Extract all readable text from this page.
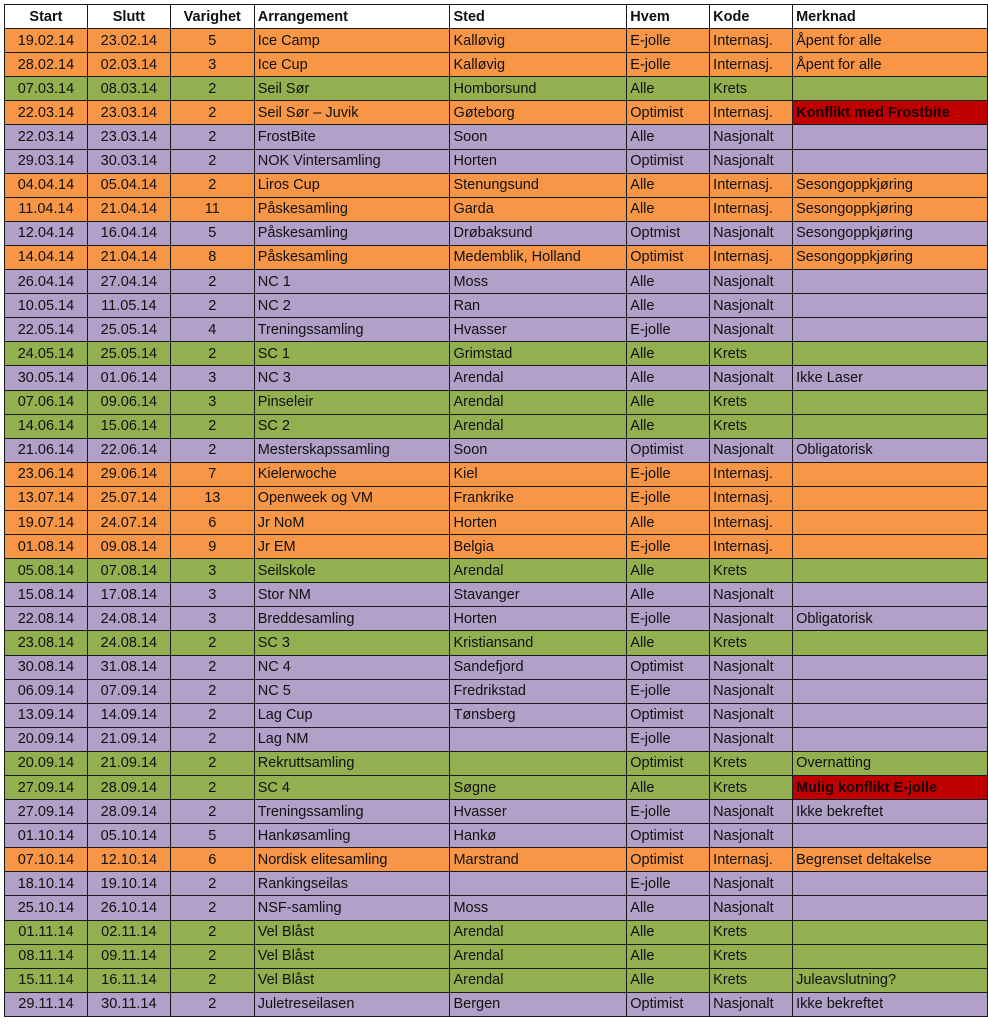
Start	Slutt	Varighet	Arrangement	Sted	Hvem	Kode	Merknad
19.02.14	23.02.14	5	Ice Camp	Kalløvig	E-jolle	Internasj.	Åpent for alle
28.02.14	02.03.14	3	Ice Cup	Kalløvig	E-jolle	Internasj.	Åpent for alle
07.03.14	08.03.14	2	Seil Sør	Homborsund	Alle	Krets	
22.03.14	23.03.14	2	Seil Sør – Juvik	Gøteborg	Optimist	Internasj.	Konflikt med Frostbite
22.03.14	23.03.14	2	FrostBite	Soon	Alle	Nasjonalt	
29.03.14	30.03.14	2	NOK Vintersamling	Horten	Optimist	Nasjonalt	
04.04.14	05.04.14	2	Liros Cup	Stenungsund	Alle	Internasj.	Sesongoppkjøring
11.04.14	21.04.14	11	Påskesamling	Garda	Alle	Internasj.	Sesongoppkjøring
12.04.14	16.04.14	5	Påskesamling	Drøbaksund	Optmist	Nasjonalt	Sesongoppkjøring
14.04.14	21.04.14	8	Påskesamling	Medemblik, Holland	Optimist	Internasj.	Sesongoppkjøring
26.04.14	27.04.14	2	NC 1	Moss	Alle	Nasjonalt	
10.05.14	11.05.14	2	NC 2	Ran	Alle	Nasjonalt	
22.05.14	25.05.14	4	Treningssamling	Hvasser	E-jolle	Nasjonalt	
24.05.14	25.05.14	2	SC 1	Grimstad	Alle	Krets	
30.05.14	01.06.14	3	NC 3	Arendal	Alle	Nasjonalt	Ikke Laser
07.06.14	09.06.14	3	Pinseleir	Arendal	Alle	Krets	
14.06.14	15.06.14	2	SC 2	Arendal	Alle	Krets	
21.06.14	22.06.14	2	Mesterskapssamling	Soon	Optimist	Nasjonalt	Obligatorisk
23.06.14	29.06.14	7	Kielerwoche	Kiel	E-jolle	Internasj.	
13.07.14	25.07.14	13	Openweek og VM	Frankrike	E-jolle	Internasj.	
19.07.14	24.07.14	6	Jr NoM	Horten	Alle	Internasj.	
01.08.14	09.08.14	9	Jr EM	Belgia	E-jolle	Internasj.	
05.08.14	07.08.14	3	Seilskole	Arendal	Alle	Krets	
15.08.14	17.08.14	3	Stor NM	Stavanger	Alle	Nasjonalt	
22.08.14	24.08.14	3	Breddesamling	Horten	E-jolle	Nasjonalt	Obligatorisk
23.08.14	24.08.14	2	SC 3	Kristiansand	Alle	Krets	
30.08.14	31.08.14	2	NC 4	Sandefjord	Optimist	Nasjonalt	
06.09.14	07.09.14	2	NC 5	Fredrikstad	E-jolle	Nasjonalt	
13.09.14	14.09.14	2	Lag Cup	Tønsberg	Optimist	Nasjonalt	
20.09.14	21.09.14	2	Lag NM		E-jolle	Nasjonalt	
20.09.14	21.09.14	2	Rekruttsamling		Optimist	Krets	Overnatting
27.09.14	28.09.14	2	SC 4	Søgne	Alle	Krets	Mulig konflikt E-jolle
27.09.14	28.09.14	2	Treningssamling	Hvasser	E-jolle	Nasjonalt	Ikke bekreftet
01.10.14	05.10.14	5	Hankøsamling	Hankø	Optimist	Nasjonalt	
07.10.14	12.10.14	6	Nordisk elitesamling	Marstrand	Optimist	Internasj.	Begrenset deltakelse
18.10.14	19.10.14	2	Rankingseilas		E-jolle	Nasjonalt	
25.10.14	26.10.14	2	NSF-samling	Moss	Alle	Nasjonalt	
01.11.14	02.11.14	2	Vel Blåst	Arendal	Alle	Krets	
08.11.14	09.11.14	2	Vel Blåst	Arendal	Alle	Krets	
15.11.14	16.11.14	2	Vel Blåst	Arendal	Alle	Krets	Juleavslutning?
29.11.14	30.11.14	2	Juletreseilasen	Bergen	Optimist	Nasjonalt	Ikke bekreftet
